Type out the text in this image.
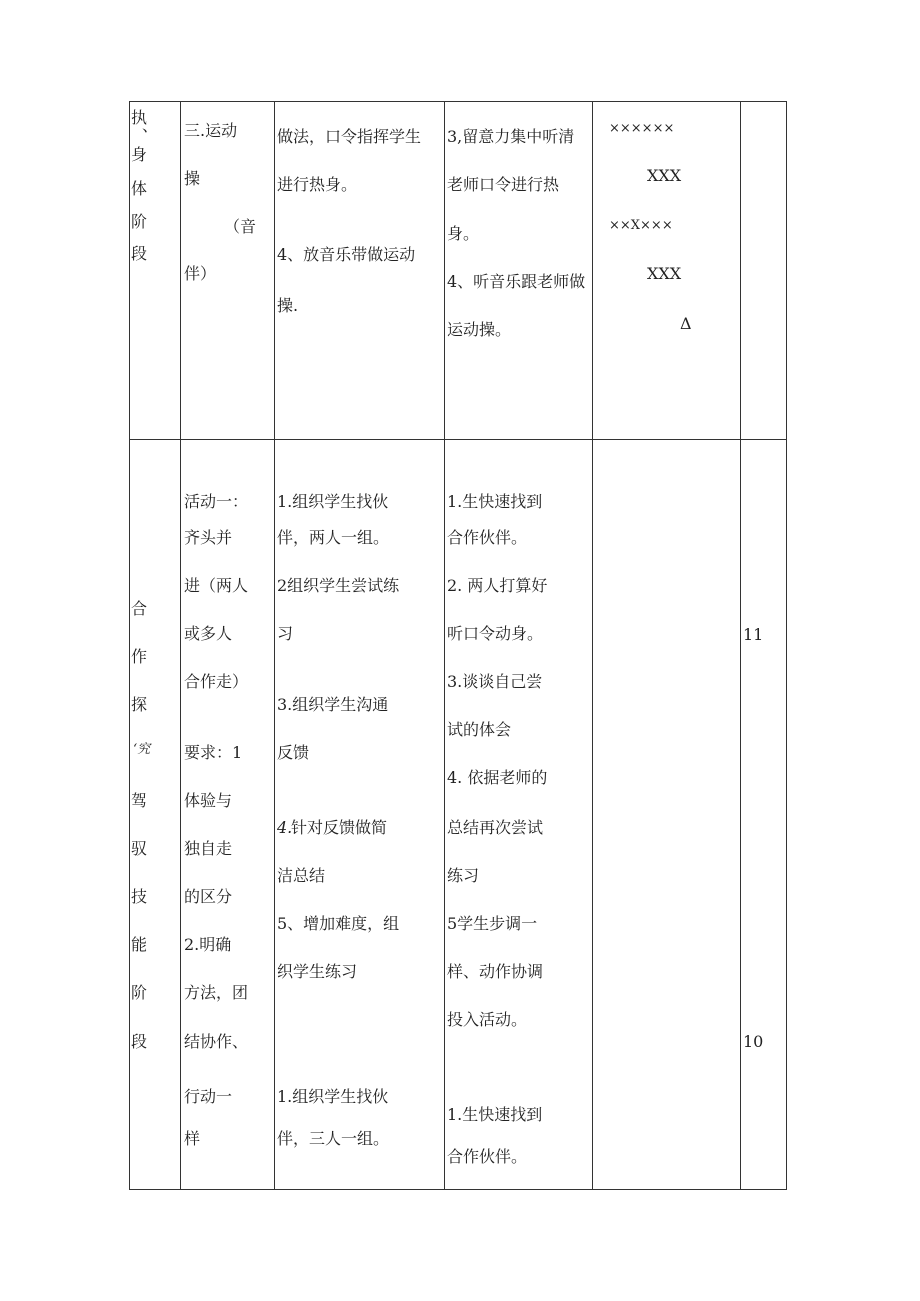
执
、
身
体
阶
段
三.运动
操
（音
伴）
做法，口令指挥学生
进行热身。
4、放音乐带做运动
操.
3,留意力集中听清
老师口令进行热
身。
4、听音乐跟老师做
运动操。
××××××
XXX
××X×××
XXX
Δ
合
作
探
‘究
驾
驭
技
能
阶
段
活动一：
齐头并
进（两人
或多人
合作走）
要求：1
体验与
独自走
的区分
2.明确
方法，团
结协作、
行动一
样
1.组织学生找伙
伴，两人一组。
2组织学生尝试练
习
3.组织学生沟通
反馈
4.
针对反馈做简
洁总结
5、增加难度，组
织学生练习
1.组织学生找伙
伴，三人一组。
1.生快速找到
合作伙伴。
2. 两人打算好
听口令动身。
3.谈谈自己尝
试的体会
4. 依据老师的
总结再次尝试
练习
5学生步调一
样、动作协调
投入活动。
1.生快速找到
合作伙伴。
11
10
